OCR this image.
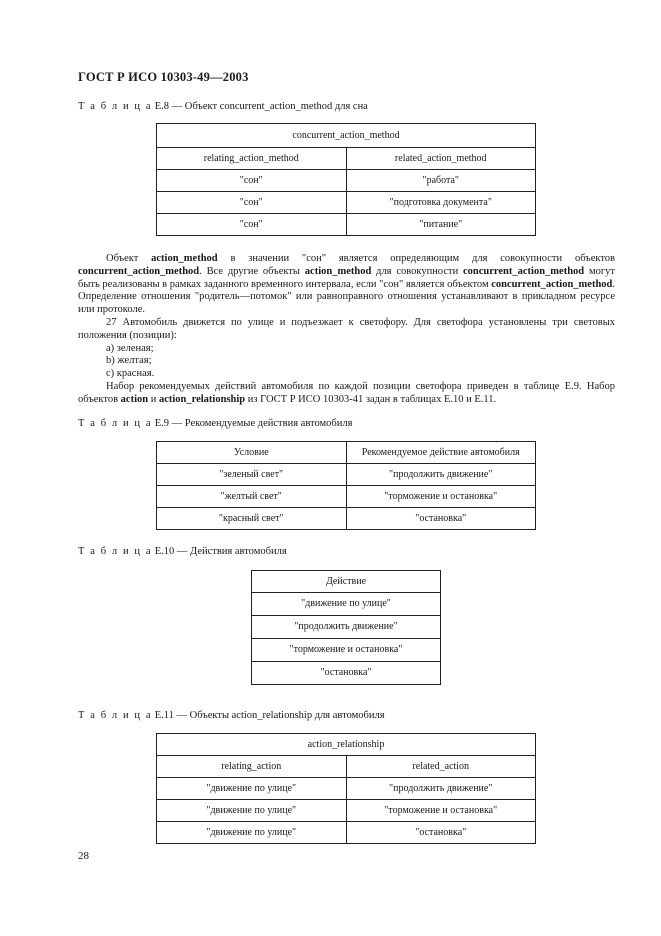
ГОСТ Р ИСО 10303-49—2003
Т а б л и ц а Е.8 — Объект concurrent_action_method для сна
concurrent_action_method	
relating_action_method	related_action_method
"сон"	"работа"
"сон"	"подготовка документа"
"сон"	"питание"

Объект action_method в значении "сон" является определяющим для совокупности объектов concurrent_action_method. Все другие объекты action_method для совокупности concurrent_action_method могут быть реализованы в рамках заданного временного интервала, если "сон" является объектом concurrent_action_method. Определение отношения "родитель—потомок" или равноправного отношения устанавливают в прикладном ресурсе или протоколе.

27 Автомобиль движется по улице и подъезжает к светофору. Для светофора установлены три световых положения (позиции):

a) зеленая;

b) желтая;

c) красная.

Набор рекомендуемых действий автомобиля по каждой позиции светофора приведен в таблице Е.9. Набор объектов action и action_relationship из ГОСТ Р ИСО 10303-41 задан в таблицах Е.10 и Е.11.

Т а б л и ц а Е.9 — Рекомендуемые действия автомобиля
Условие	Рекомендуемое действие автомобиля
"зеленый свет"	"продолжить движение"
"желтый свет"	"торможение и остановка"
"красный свет"	"остановка"
Т а б л и ц а Е.10 — Действия автомобиля
Действие
"движение по улице"
"продолжить движение"
"торможение и остановка"
"остановка"
Т а б л и ц а Е.11 — Объекты action_relationship для автомобиля
action_relationship	
relating_action	related_action
"движение по улице"	"продолжить движение"
"движение по улице"	"торможение и остановка"
"движение по улице"	"остановка"
28
